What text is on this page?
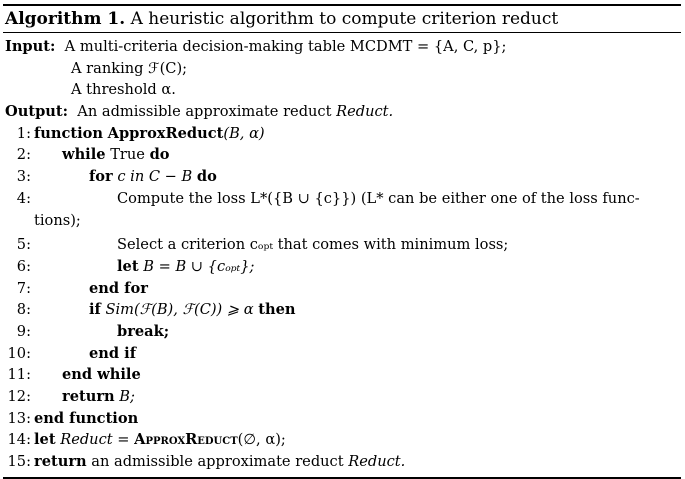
Algorithm 1. A heuristic algorithm to compute criterion reduct
Input: A multi-criteria decision-making table MCDMT = {A, C, p};
A ranking ℱ(C);
A threshold α.
Output: An admissible approximate reduct Reduct.
1: function ApproxReduct(B, α)
2: while True do
3:	for c in C − B do
4:	Compute the loss L*({B ∪ {c}}) (L* can be either one of the loss func-
tions);
5:	Select a criterion cₒₚₜ that comes with minimum loss;
6:	let B = B ∪ {cₒₚₜ};
7:	end for
8:	if Sim(ℱ(B), ℱ(C)) ⩾ α then
9:	break;
10:	end if
11: end while
12: return B;
13: end function
14: let Reduct = ApproxReduct(∅, α);
15: return an admissible approximate reduct Reduct.
